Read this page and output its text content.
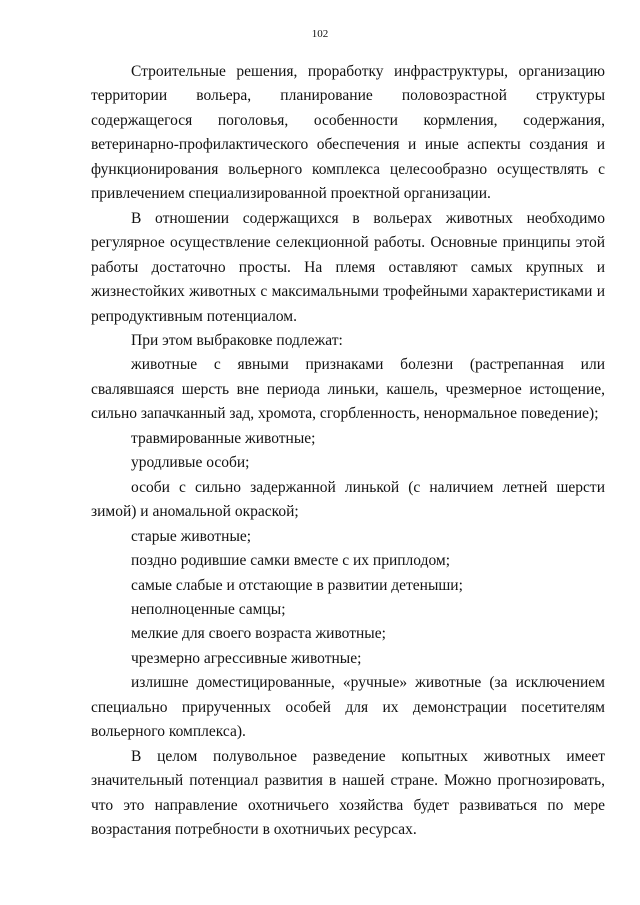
102

Строительные решения, проработку инфраструктуры, организацию территории вольера, планирование половозрастной структуры содержащегося поголовья, особенности кормления, содержания, ветеринарно-профилактического обеспечения и иные аспекты создания и функционирования вольерного комплекса целесообразно осуществлять с привлечением специализированной проектной организации.

В отношении содержащихся в вольерах животных необходимо регулярное осуществление селекционной работы. Основные принципы этой работы достаточно просты. На племя оставляют самых крупных и жизнестойких животных с максимальными трофейными характеристиками и репродуктивным потенциалом.

При этом выбраковке подлежат:

животные с явными признаками болезни (растрепанная или свалявшаяся шерсть вне периода линьки, кашель, чрезмерное истощение, сильно запачканный зад, хромота, сгорбленность, ненормальное поведение);

травмированные животные;

уродливые особи;

особи с сильно задержанной линькой (с наличием летней шерсти зимой) и аномальной окраской;

старые животные;

поздно родившие самки вместе с их приплодом;

самые слабые и отстающие в развитии детеныши;

неполноценные самцы;

мелкие для своего возраста животные;

чрезмерно агрессивные животные;

излишне доместицированные, «ручные» животные (за исключением специально прирученных особей для их демонстрации посетителям вольерного комплекса).

В целом полувольное разведение копытных животных имеет значительный потенциал развития в нашей стране. Можно прогнозировать, что это направление охотничьего хозяйства будет развиваться по мере возрастания потребности в охотничьих ресурсах.
